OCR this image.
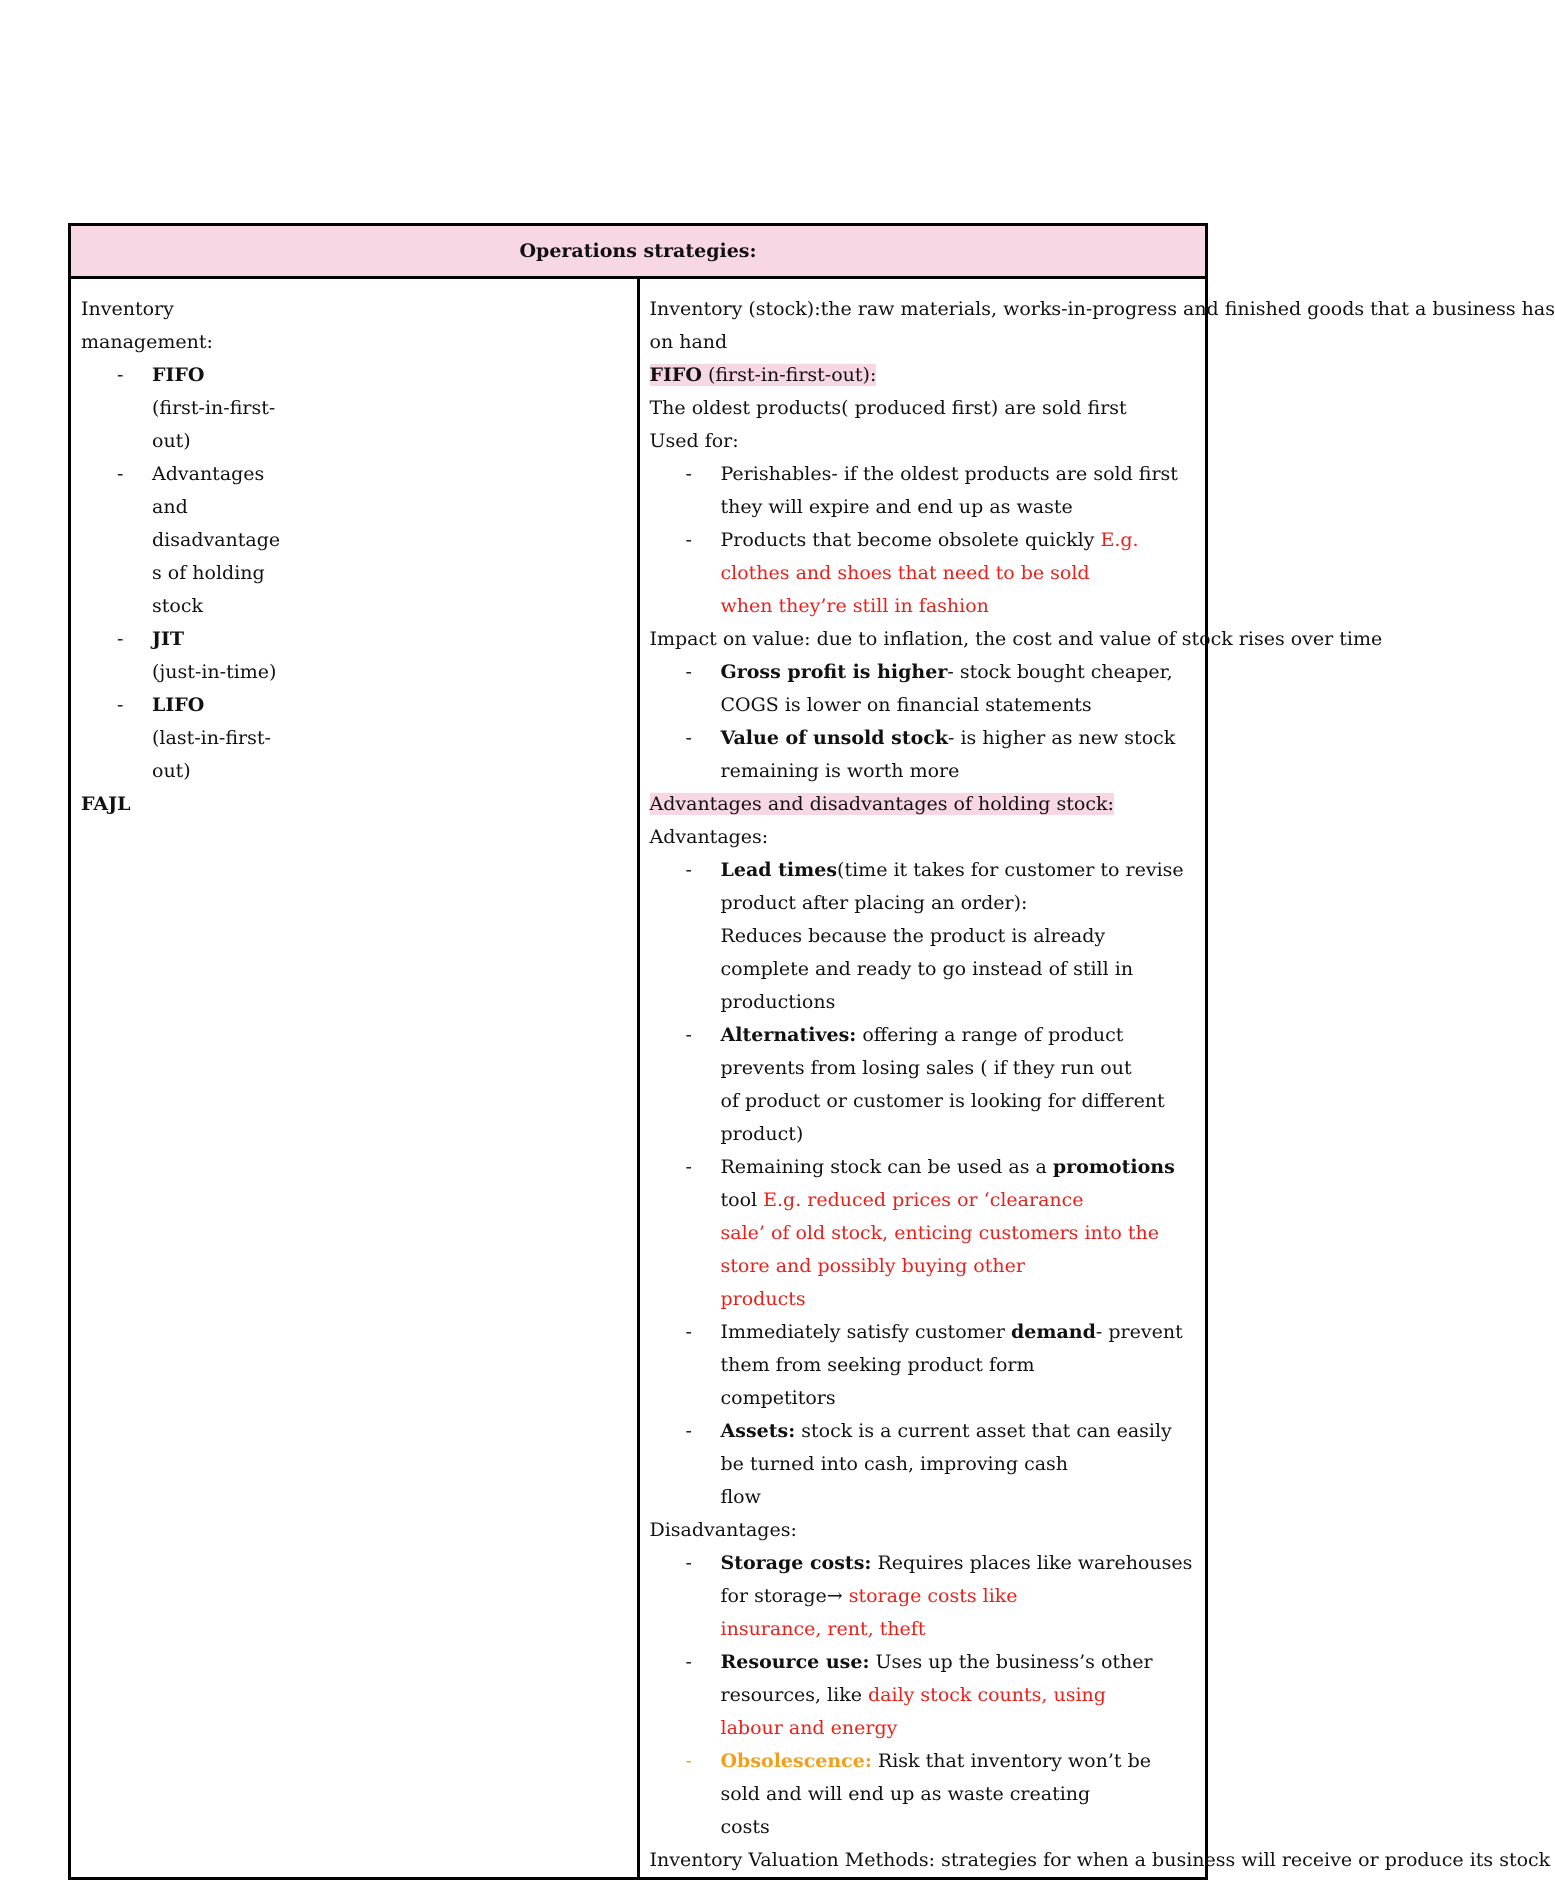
Operations strategies:

Inventory
management:
-	FIFO
(first-in-first-
out)
-	Advantages
and
disadvantage
s of holding
stock
-	JIT
(just-in-time)
-	LIFO
(last-in-first-
out)
FAJL

Inventory (stock):the raw materials, works-in-progress and finished goods that a business has
on hand
FIFO (first-in-first-out):
The oldest products( produced first) are sold first
Used for:
-	Perishables- if the oldest products are sold first they will expire and end up as waste
-	Products that become obsolete quickly E.g. clothes and shoes that need to be sold
when they’re still in fashion
Impact on value: due to inflation, the cost and value of stock rises over time
-	Gross profit is higher- stock bought cheaper, COGS is lower on financial statements
-	Value of unsold stock- is higher as new stock remaining is worth more
Advantages and disadvantages of holding stock:
Advantages:
-	Lead times(time it takes for customer to revise product after placing an order):
Reduces because the product is already complete and ready to go instead of still in
productions
-	Alternatives: offering a range of product prevents from losing sales ( if they run out
of product or customer is looking for different product)
-	Remaining stock can be used as a promotions tool E.g. reduced prices or ‘clearance
sale’ of old stock, enticing customers into the store and possibly buying other
products
-	Immediately satisfy customer demand- prevent them from seeking product form
competitors
-	Assets: stock is a current asset that can easily be turned into cash, improving cash
flow
Disadvantages:
-	Storage costs: Requires places like warehouses for storage→ storage costs like
insurance, rent, theft
-	Resource use: Uses up the business’s other resources, like daily stock counts, using
labour and energy
-	Obsolescence: Risk that inventory won’t be sold and will end up as waste creating
costs
Inventory Valuation Methods: strategies for when a business will receive or produce its stock
